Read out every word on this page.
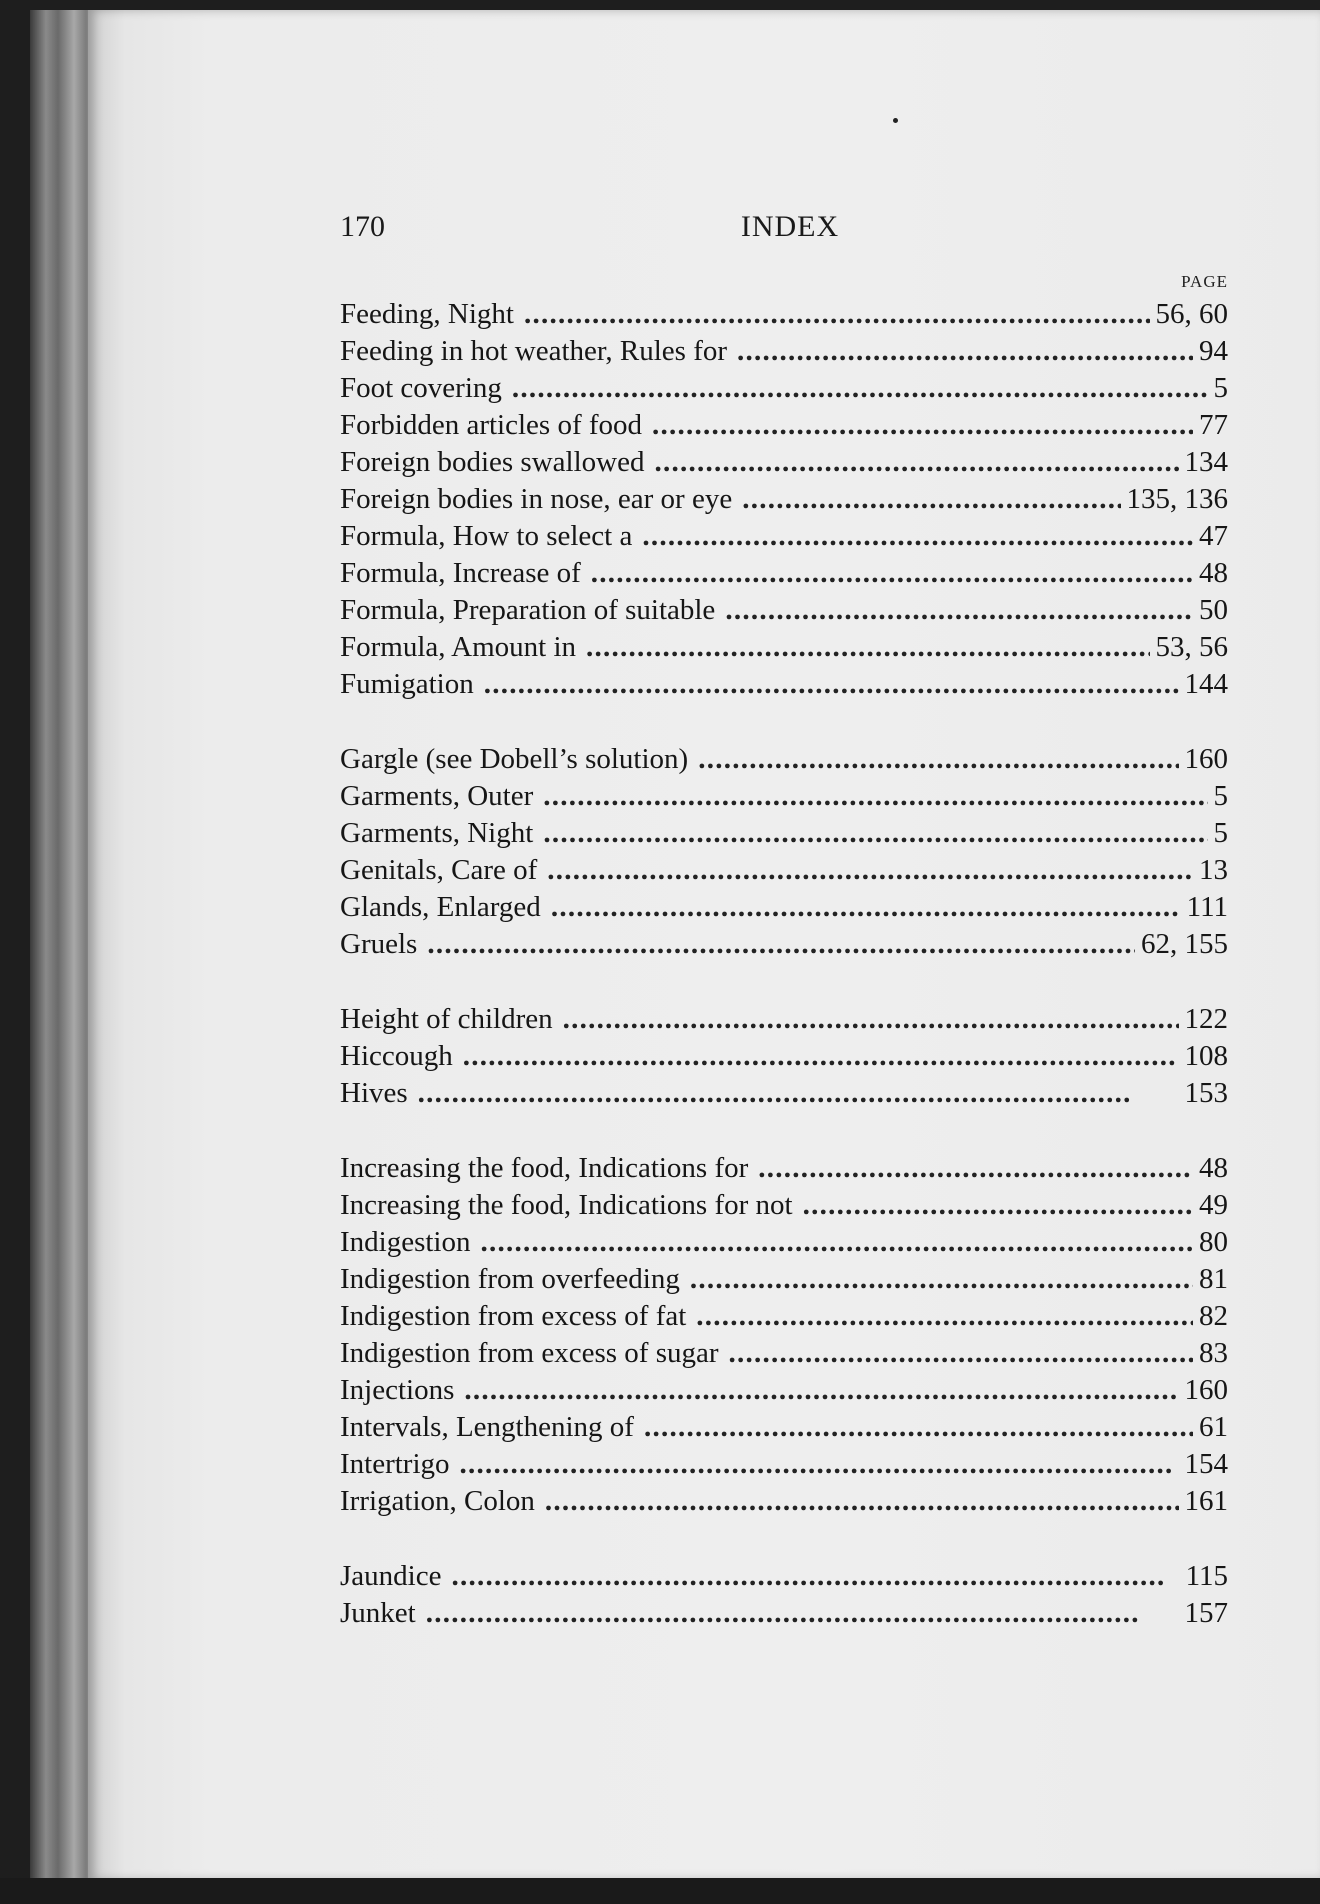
170	INDEX
PAGE
Feeding, Night . . .	56, 60
Feeding in hot weather, Rules for . . .	94
Foot covering . . .	5
Forbidden articles of food . . .	77
Foreign bodies swallowed . . .	134
Foreign bodies in nose, ear or eye . . .	135, 136
Formula, How to select a . . .	47
Formula, Increase of . . .	48
Formula, Preparation of suitable . . .	50
Formula, Amount in . . .	53, 56
Fumigation . . .	144
Gargle (see Dobell’s solution) . . .	160
Garments, Outer . . .	5
Garments, Night . . .	5
Genitals, Care of . . .	13
Glands, Enlarged . . .	111
Gruels . . .	62, 155
Height of children . . .	122
Hiccough . . .	108
Hives . . .	153
Increasing the food, Indications for . . .	48
Increasing the food, Indications for not . . .	49
Indigestion . . .	80
Indigestion from overfeeding . . .	81
Indigestion from excess of fat . . .	82
Indigestion from excess of sugar . . .	83
Injections . . .	160
Intervals, Lengthening of . . .	61
Intertrigo . . .	154
Irrigation, Colon . . .	161
Jaundice . . .	115
Junket . . .	157
